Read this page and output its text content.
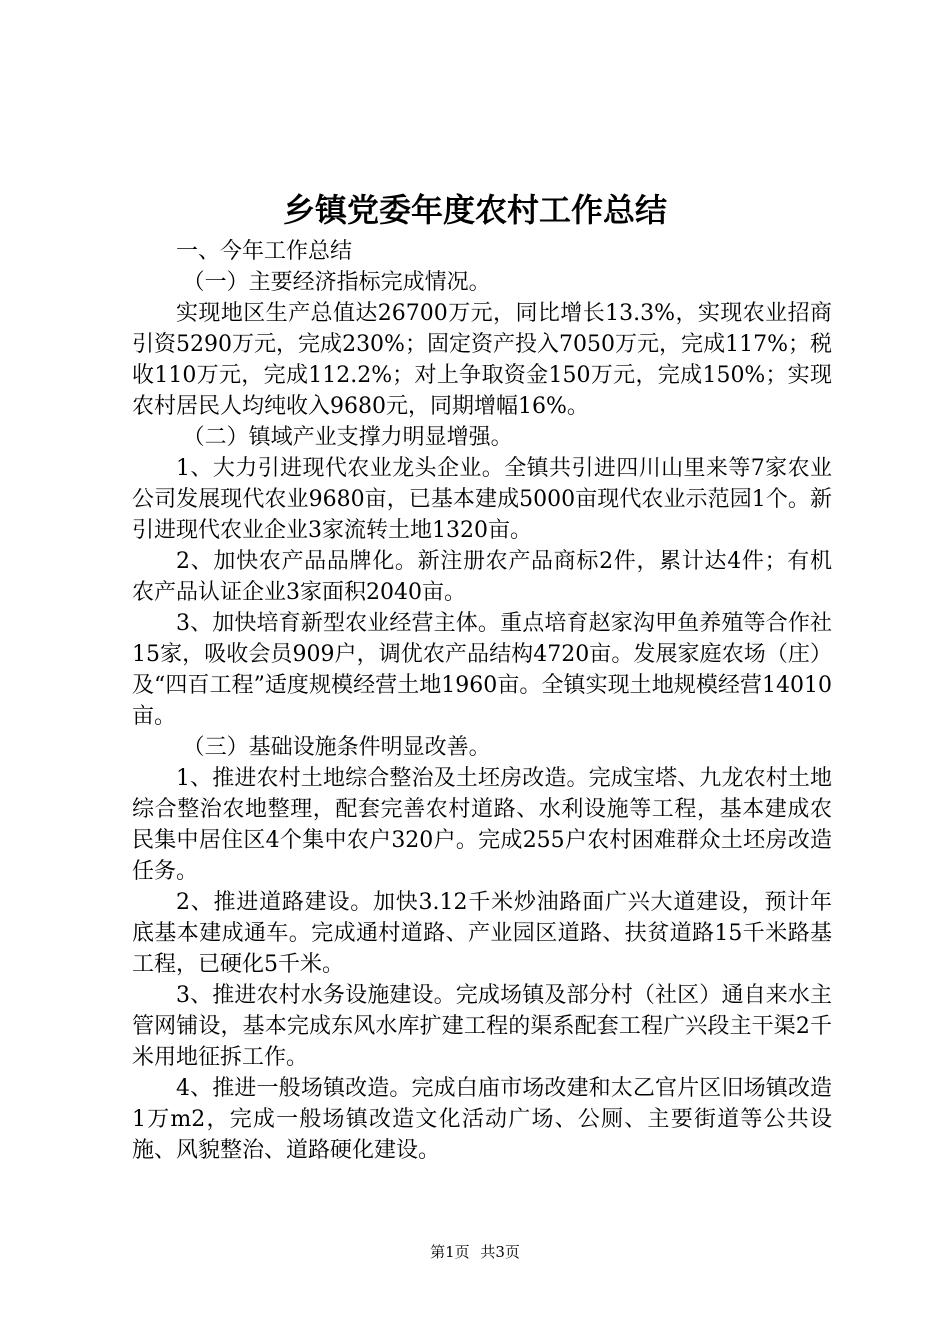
乡镇党委年度农村工作总结

一、今年工作总结

（一）主要经济指标完成情况。

实现地区生产总值达26700万元，同比增长13.3%，实现农业招商引资5290万元，完成230%；固定资产投入7050万元，完成117%；税收110万元，完成112.2%；对上争取资金150万元，完成150%；实现农村居民人均纯收入9680元，同期增幅16%。

（二）镇域产业支撑力明显增强。

1、大力引进现代农业龙头企业。全镇共引进四川山里来等7家农业公司发展现代农业9680亩，已基本建成5000亩现代农业示范园1个。新引进现代农业企业3家流转土地1320亩。

2、加快农产品品牌化。新注册农产品商标2件，累计达4件；有机农产品认证企业3家面积2040亩。

3、加快培育新型农业经营主体。重点培育赵家沟甲鱼养殖等合作社15家，吸收会员909户，调优农产品结构4720亩。发展家庭农场（庄）及“四百工程”适度规模经营土地1960亩。全镇实现土地规模经营14010亩。

（三）基础设施条件明显改善。

1、推进农村土地综合整治及土坯房改造。完成宝塔、九龙农村土地综合整治农地整理，配套完善农村道路、水利设施等工程，基本建成农民集中居住区4个集中农户320户。完成255户农村困难群众土坯房改造任务。

2、推进道路建设。加快3.12千米炒油路面广兴大道建设，预计年底基本建成通车。完成通村道路、产业园区道路、扶贫道路15千米路基工程，已硬化5千米。

3、推进农村水务设施建设。完成场镇及部分村（社区）通自来水主管网铺设，基本完成东风水库扩建工程的渠系配套工程广兴段主干渠2千米用地征拆工作。

4、推进一般场镇改造。完成白庙市场改建和太乙官片区旧场镇改造1万m2，完成一般场镇改造文化活动广场、公厕、主要街道等公共设施、风貌整治、道路硬化建设。

第1页 共3页
